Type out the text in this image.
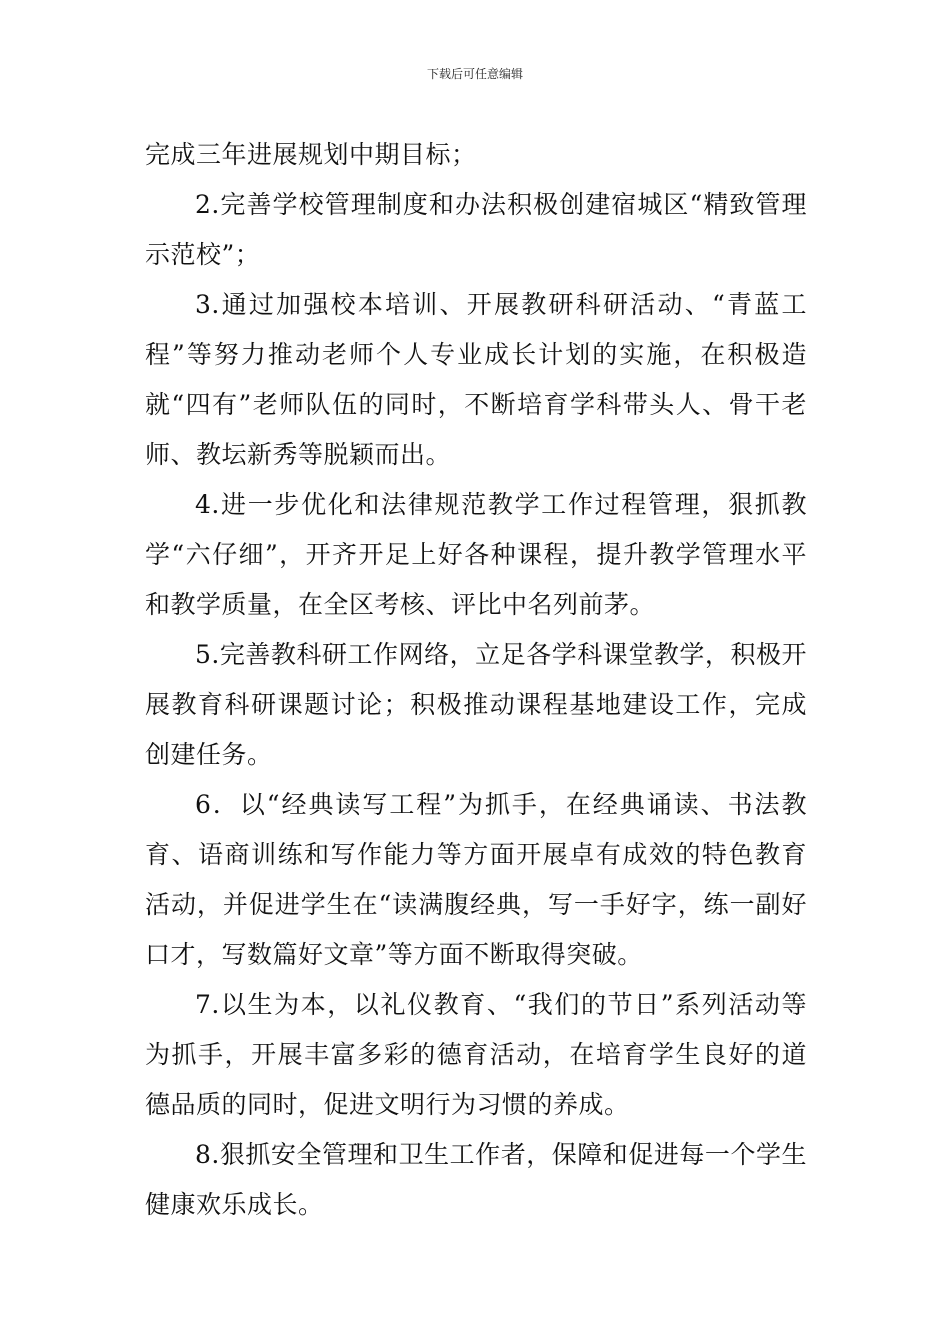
下载后可任意编辑

完成三年进展规划中期目标；

2.完善学校管理制度和办法积极创建宿城区“精致管理示范校”；

3.通过加强校本培训、开展教研科研活动、“青蓝工程”等努力推动老师个人专业成长计划的实施，在积极造就“四有”老师队伍的同时，不断培育学科带头人、骨干老师、教坛新秀等脱颖而出。

4.进一步优化和法律规范教学工作过程管理，狠抓教学“六仔细”，开齐开足上好各种课程，提升教学管理水平和教学质量，在全区考核、评比中名列前茅。

5.完善教科研工作网络，立足各学科课堂教学，积极开展教育科研课题讨论；积极推动课程基地建设工作，完成创建任务。

6．以“经典读写工程”为抓手，在经典诵读、书法教育、语商训练和写作能力等方面开展卓有成效的特色教育活动，并促进学生在“读满腹经典，写一手好字，练一副好口才，写数篇好文章”等方面不断取得突破。

7.以生为本，以礼仪教育、“我们的节日”系列活动等为抓手，开展丰富多彩的德育活动，在培育学生良好的道德品质的同时，促进文明行为习惯的养成。

8.狠抓安全管理和卫生工作者，保障和促进每一个学生健康欢乐成长。
